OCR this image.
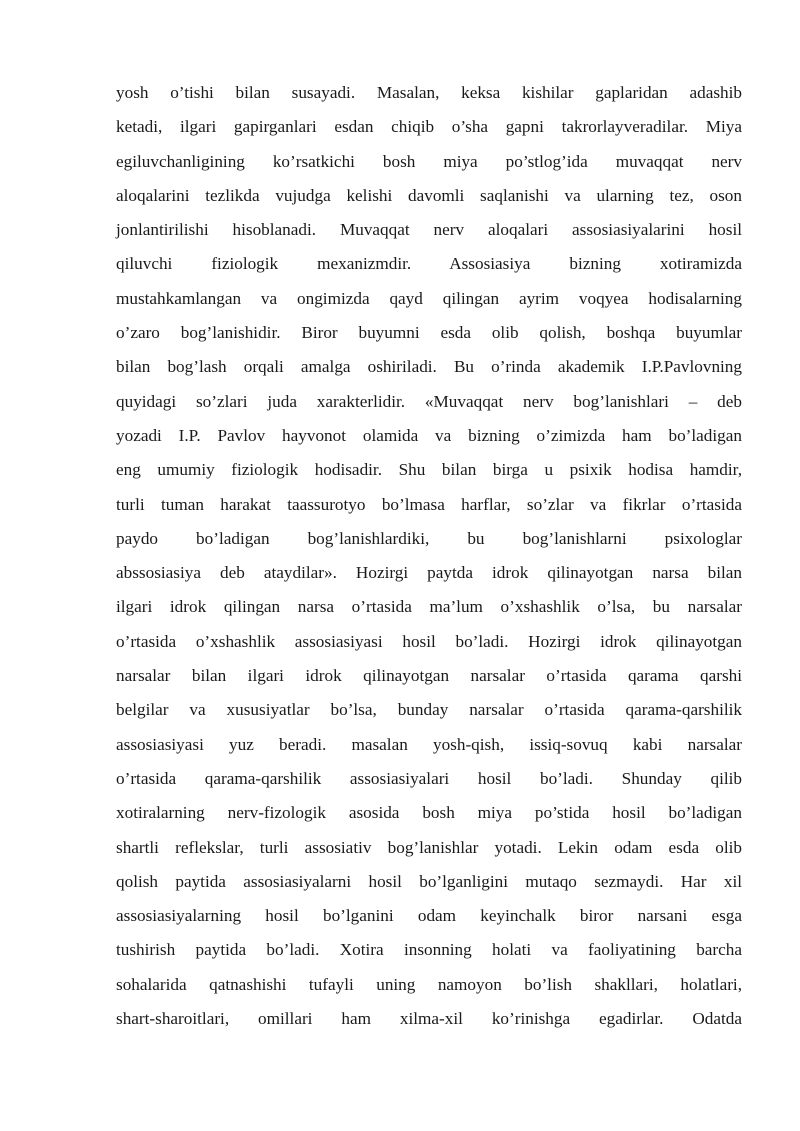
yosh o’tishi bilan susayadi. Masalan, keksa kishilar gaplaridan adashib
ketadi, ilgari gapirganlari esdan chiqib o’sha gapni takrorlayveradilar. Miya
egiluvchanligining ko’rsatkichi bosh miya po’stlog’ida muvaqqat nerv
aloqalarini tezlikda vujudga kelishi davomli saqlanishi va ularning tez, oson
jonlantirilishi hisoblanadi. Muvaqqat nerv aloqalari assosiasiyalarini hosil
qiluvchi fiziologik mexanizmdir. Assosiasiya bizning xotiramizda
mustahkamlangan va ongimizda qayd qilingan ayrim voqyea hodisalarning
o’zaro bog’lanishidir. Biror buyumni esda olib qolish, boshqa buyumlar
bilan bog’lash orqali amalga oshiriladi. Bu o’rinda akademik I.P.Pavlovning
quyidagi so’zlari juda xarakterlidir. «Muvaqqat nerv bog’lanishlari – deb
yozadi I.P. Pavlov hayvonot olamida va bizning o’zimizda ham bo’ladigan
eng umumiy fiziologik hodisadir. Shu bilan birga u psixik hodisa hamdir,
turli tuman harakat taassurotyo bo’lmasa harflar, so’zlar va fikrlar o’rtasida
paydo bo’ladigan bog’lanishlardiki, bu bog’lanishlarni psixologlar
abssosiasiya deb ataydilar». Hozirgi paytda idrok qilinayotgan narsa bilan
ilgari idrok qilingan narsa o’rtasida ma’lum o’xshashlik o’lsa, bu narsalar
o’rtasida o’xshashlik assosiasiyasi hosil bo’ladi. Hozirgi idrok qilinayotgan
narsalar bilan ilgari idrok qilinayotgan narsalar o’rtasida qarama qarshi
belgilar va xususiyatlar bo’lsa, bunday narsalar o’rtasida qarama-qarshilik
assosiasiyasi yuz beradi. masalan yosh-qish, issiq-sovuq kabi narsalar
o’rtasida qarama-qarshilik assosiasiyalari hosil bo’ladi. Shunday qilib
xotiralarning nerv-fizologik asosida bosh miya po’stida hosil bo’ladigan
shartli reflekslar, turli assosiativ bog’lanishlar yotadi. Lekin odam esda olib
qolish paytida assosiasiyalarni hosil bo’lganligini mutaqo sezmaydi. Har xil
assosiasiyalarning hosil bo’lganini odam keyinchalk biror narsani esga
tushirish paytida bo’ladi. Xotira insonning holati va faoliyatining barcha
sohalarida qatnashishi tufayli uning namoyon bo’lish shakllari, holatlari,
shart-sharoitlari, omillari ham xilma-xil ko’rinishga egadirlar. Odatda
